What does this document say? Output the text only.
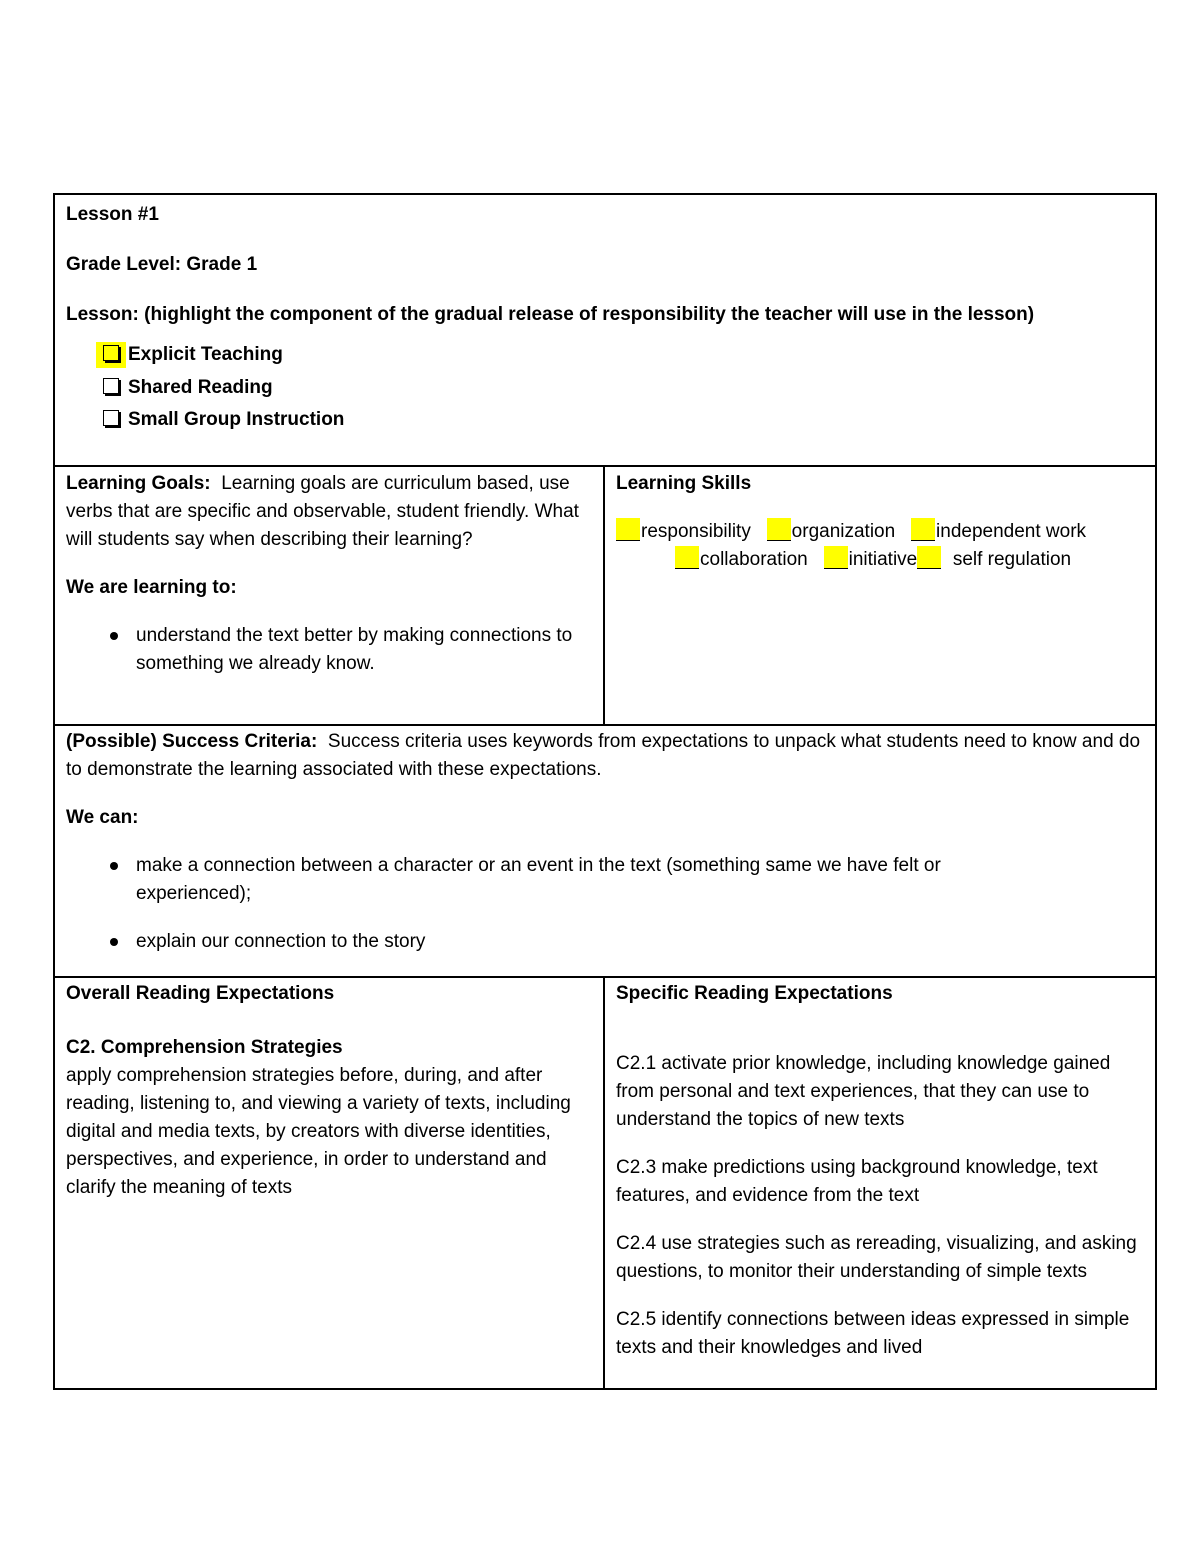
Lesson #1

Grade Level: Grade 1

Lesson: (highlight the component of the gradual release of responsibility the teacher will use in the lesson)

Explicit Teaching
Shared Reading
Small Group Instruction

Learning Goals: Learning goals are curriculum based, use verbs that are specific and observable, student friendly. What will students say when describing their learning?

We are learning to:

understand the text better by making connections to something we already know.

Learning Skills

responsibility organization independent work
collaboration initiative self regulation

(Possible) Success Criteria: Success criteria uses keywords from expectations to unpack what students need to know and do to demonstrate the learning associated with these expectations.

We can:

make a connection between a character or an event in the text (something same we have felt or experienced);
explain our connection to the story

Overall Reading Expectations

C2. Comprehension Strategies

apply comprehension strategies before, during, and after reading, listening to, and viewing a variety of texts, including digital and media texts, by creators with diverse identities, perspectives, and experience, in order to understand and clarify the meaning of texts

Specific Reading Expectations

C2.1 activate prior knowledge, including knowledge gained from personal and text experiences, that they can use to understand the topics of new texts

C2.3 make predictions using background knowledge, text features, and evidence from the text

C2.4 use strategies such as rereading, visualizing, and asking questions, to monitor their understanding of simple texts

C2.5 identify connections between ideas expressed in simple texts and their knowledges and lived
